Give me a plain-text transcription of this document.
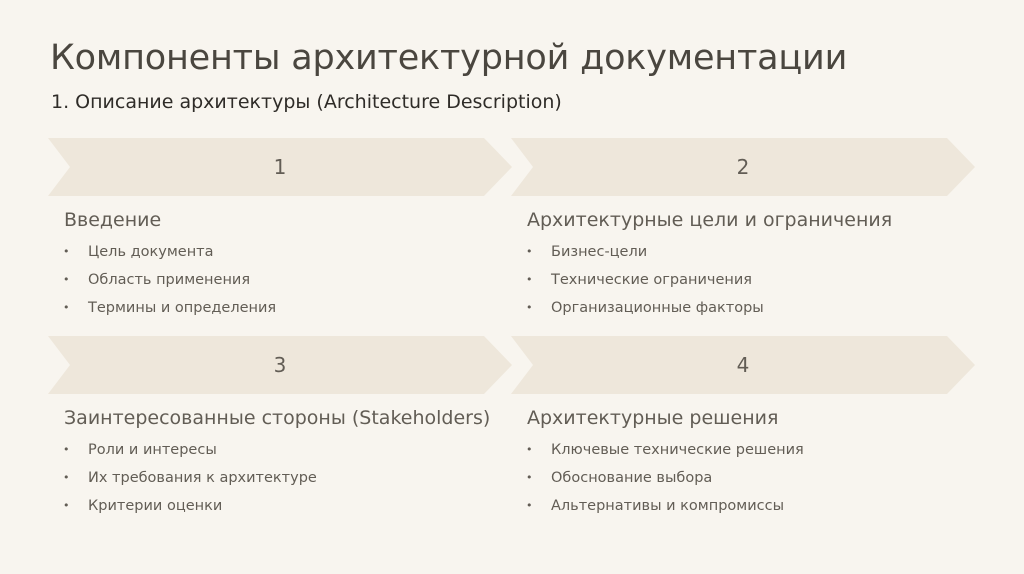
Компоненты архитектурной документации
1. Описание архитектуры (Architecture Description)
1
Введение
• Цель документа
• Область применения
• Термины и определения
2
Архитектурные цели и ограничения
• Бизнес-цели
• Технические ограничения
• Организационные факторы
3
Заинтересованные стороны (Stakeholders)
• Роли и интересы
• Их требования к архитектуре
• Критерии оценки
4
Архитектурные решения
• Ключевые технические решения
• Обоснование выбора
• Альтернативы и компромиссы
